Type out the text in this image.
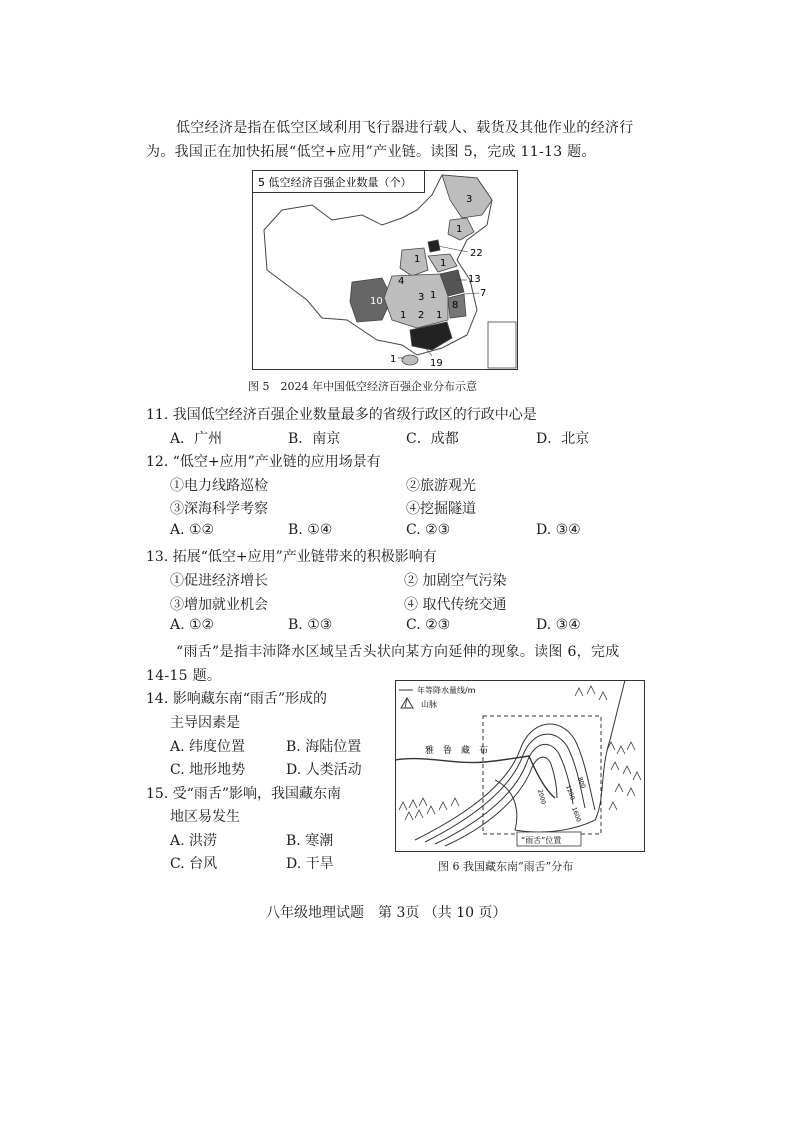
低空经济是指在低空区域利用飞行器进行载人、载货及其他作业的经济行
为。我国正在加快拓展“低空+应用”产业链。读图 5，完成 11-13 题。
5 低空经济百强企业数量（个）
3
1
22
1 1
13
4
1
3	7
10	8
1 2 1
1	19
图 5　2024 年中国低空经济百强企业分布示意
11. 我国低空经济百强企业数量最多的省级行政区的行政中心是
A．广州	B．南京	C．成都	D．北京
12. “低空+应用”产业链的应用场景有
①电力线路巡检	②旅游观光
③深海科学考察	④挖掘隧道
A. ①②	B. ①④	C. ②③	D. ③④
13. 拓展“低空+应用”产业链带来的积极影响有
①促进经济增长	② 加剧空气污染
③增加就业机会	④ 取代传统交通
A. ①②	B. ①③	C. ②③	D. ③④
“雨舌”是指丰沛降水区域呈舌头状向某方向延伸的现象。读图 6，完成
14-15 题。
14. 影响藏东南“雨舌”形成的
主导因素是
A. 纬度位置	B. 海陆位置
C. 地形地势	D. 人类活动
15. 受“雨舌”影响，我国藏东南
地区易发生
A. 洪涝	B. 寒潮
C. 台风	D. 干旱
年等降水量线/m
山脉
雅　鲁　藏　布
800
1200
1600
2000
“雨舌”位置
图 6 我国藏东南“雨舌”分布
八年级地理试题　第 3页 （共 10 页）
